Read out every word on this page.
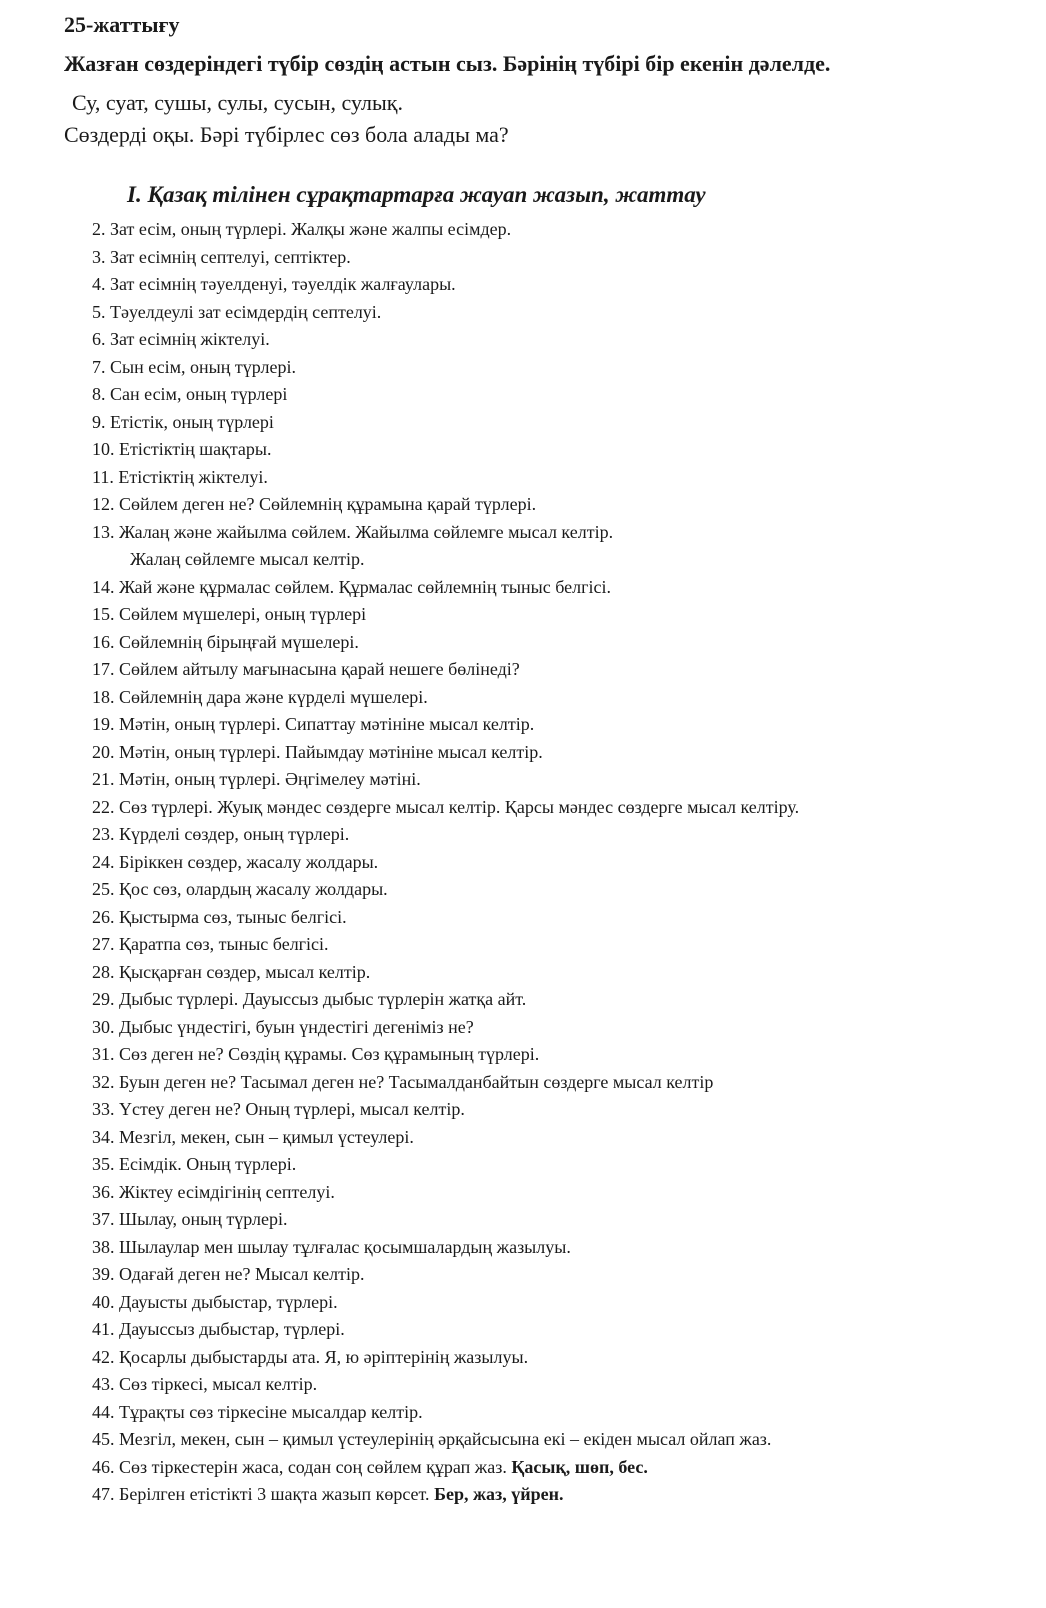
25-жаттығу
Жазған сөздеріндегі түбір сөздің астын сыз. Бәрінің түбірі бір екенін дәлелде.
Су, суат, сушы, сулы, сусын, сулық.
Сөздерді оқы. Бәрі түбірлес сөз бола алады ма?
I. Қазақ тілінен сұрақтартарға жауап жазып, жаттау
2. Зат есім, оның түрлері. Жалқы және жалпы есімдер.
3. Зат есімнің септелуі, септіктер.
4. Зат есімнің тәуелденуі, тәуелдік жалғаулары.
5. Тәуелдеулі зат есімдердің септелуі.
6. Зат есімнің жіктелуі.
7. Сын есім, оның түрлері.
8. Сан есім, оның түрлері
9. Етістік, оның түрлері
10. Етістіктің шақтары.
11. Етістіктің жіктелуі.
12. Сөйлем деген не? Сөйлемнің құрамына қарай түрлері.
13. Жалаң және жайылма сөйлем. Жайылма сөйлемге мысал келтір.
Жалаң сөйлемге мысал келтір.
14. Жай және құрмалас сөйлем. Құрмалас сөйлемнің тыныс белгісі.
15. Сөйлем мүшелері, оның түрлері
16. Сөйлемнің бірыңғай мүшелері.
17. Сөйлем айтылу мағынасына қарай нешеге бөлінеді?
18. Сөйлемнің дара және күрделі мүшелері.
19. Мәтін, оның түрлері. Сипаттау мәтініне мысал келтір.
20. Мәтін, оның түрлері. Пайымдау мәтініне мысал келтір.
21. Мәтін, оның түрлері. Әңгімелеу мәтіні.
22. Сөз түрлері. Жуық мәндес сөздерге мысал келтір. Қарсы мәндес сөздерге мысал келтіру.
23. Күрделі сөздер, оның түрлері.
24. Біріккен сөздер, жасалу жолдары.
25. Қос сөз, олардың жасалу жолдары.
26. Қыстырма сөз, тыныс белгісі.
27. Қаратпа сөз, тыныс белгісі.
28. Қысқарған сөздер, мысал келтір.
29. Дыбыс түрлері. Дауыссыз дыбыс түрлерін жатқа айт.
30. Дыбыс үндестігі, буын үндестігі дегеніміз не?
31. Сөз деген не? Сөздің құрамы. Сөз құрамының түрлері.
32. Буын деген не? Тасымал деген не? Тасымалданбайтын сөздерге мысал келтір
33. Үстеу деген не? Оның түрлері, мысал келтір.
34. Мезгіл, мекен, сын – қимыл үстеулері.
35. Есімдік. Оның түрлері.
36. Жіктеу есімдігінің септелуі.
37. Шылау, оның түрлері.
38. Шылаулар мен шылау тұлғалас қосымшалардың жазылуы.
39. Одағай деген не? Мысал келтір.
40. Дауысты дыбыстар, түрлері.
41. Дауыссыз дыбыстар, түрлері.
42. Қосарлы дыбыстарды ата. Я, ю әріптерінің жазылуы.
43. Сөз тіркесі, мысал келтір.
44. Тұрақты сөз тіркесіне мысалдар келтір.
45. Мезгіл, мекен, сын – қимыл үстеулерінің әрқайсысына екі – екіден мысал ойлап жаз.
46. Сөз тіркестерін жаса, содан соң сөйлем құрап жаз. Қасық, шөп, бес.
47. Берілген етістікті 3 шақта жазып көрсет. Бер, жаз, үйрен.
